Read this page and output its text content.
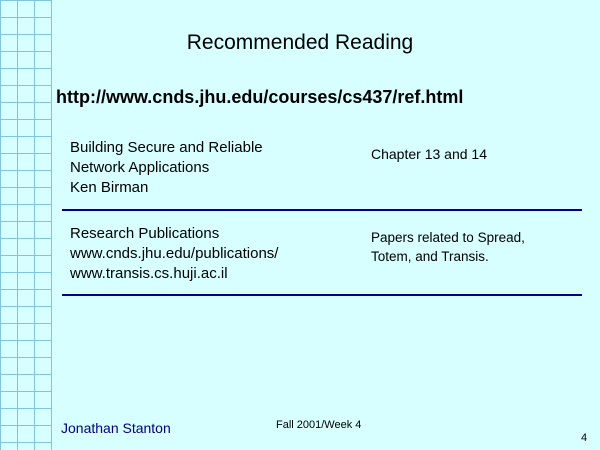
Recommended Reading
http://www.cnds.jhu.edu/courses/cs437/ref.html
Building Secure and Reliable
Network Applications
Ken Birman
Chapter 13 and 14
Research Publications
www.cnds.jhu.edu/publications/
www.transis.cs.huji.ac.il
Papers related to Spread,
Totem, and Transis.
Jonathan Stanton	Fall 2001/Week 4
4
